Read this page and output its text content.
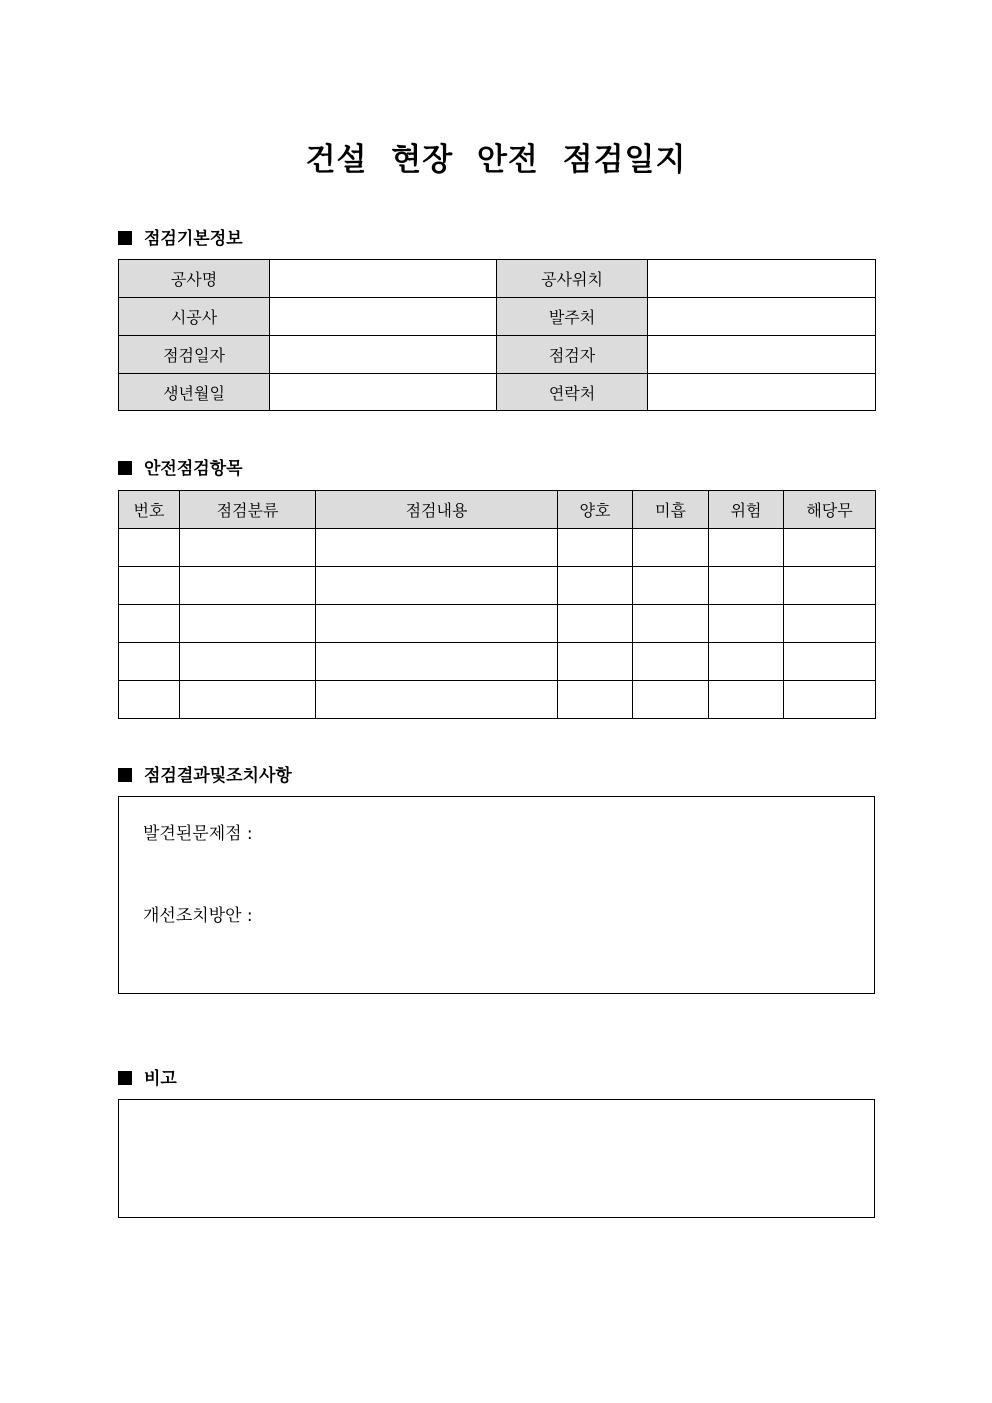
건설 현장 안전 점검일지
점검기본정보
공사명		공사위치	
시공사		발주처	
점검일자		점검자	
생년월일		연락처	
안전점검항목
번호	점검분류	점검내용	양호	미흡	위험	해당무

점검결과및조치사항
발견된문제점 :
개선조치방안 :
비고
